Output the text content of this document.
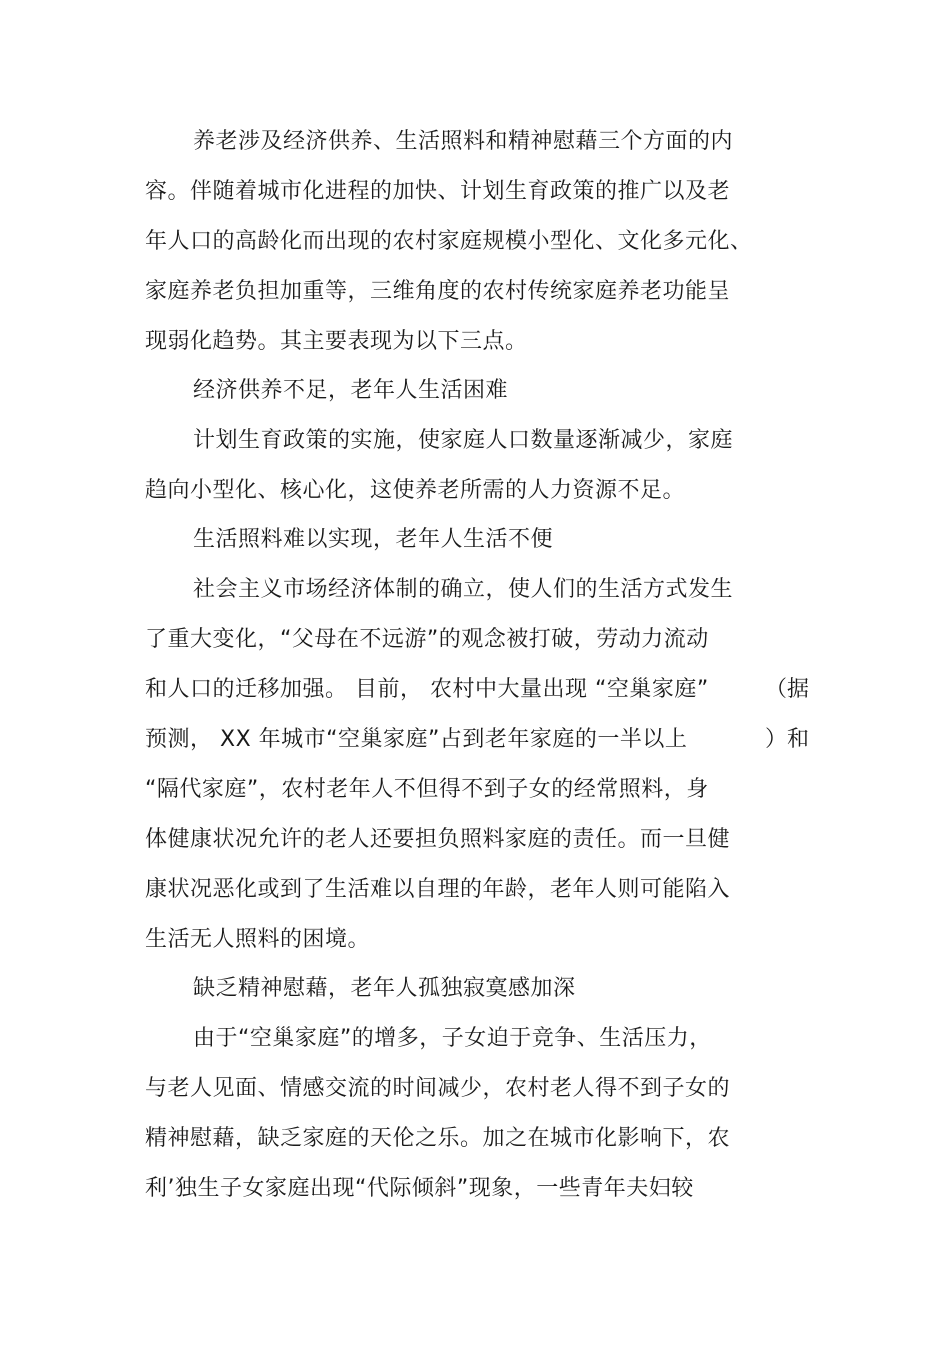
养老涉及经济供养、生活照料和精神慰藉三个方面的内
容。伴随着城市化进程的加快、计划生育政策的推广以及老
年人口的高龄化而出现的农村家庭规模小型化、文化多元化、
家庭养老负担加重等，三维角度的农村传统家庭养老功能呈
现弱化趋势。其主要表现为以下三点。
经济供养不足，老年人生活困难
计划生育政策的实施，使家庭人口数量逐渐减少，家庭
趋向小型化、核心化，这使养老所需的人力资源不足。
生活照料难以实现，老年人生活不便
社会主义市场经济体制的确立，使人们的生活方式发生
了重大变化，“父母在不远游”的观念被打破，劳动力流动
和人口的迁移加强。 目前， 农村中大量出现 “空巢家庭”	（据
预测， XX 年城市“空巢家庭”占到老年家庭的一半以上	）和
“隔代家庭”，农村老年人不但得不到子女的经常照料，身
体健康状况允许的老人还要担负照料家庭的责任。而一旦健
康状况恶化或到了生活难以自理的年龄，老年人则可能陷入
生活无人照料的困境。
缺乏精神慰藉，老年人孤独寂寞感加深
由于“空巢家庭”的增多，子女迫于竞争、生活压力，
与老人见面、情感交流的时间减少，农村老人得不到子女的
精神慰藉，缺乏家庭的天伦之乐。加之在城市化影响下，农
利’独生子女家庭出现“代际倾斜”现象，一些青年夫妇较
